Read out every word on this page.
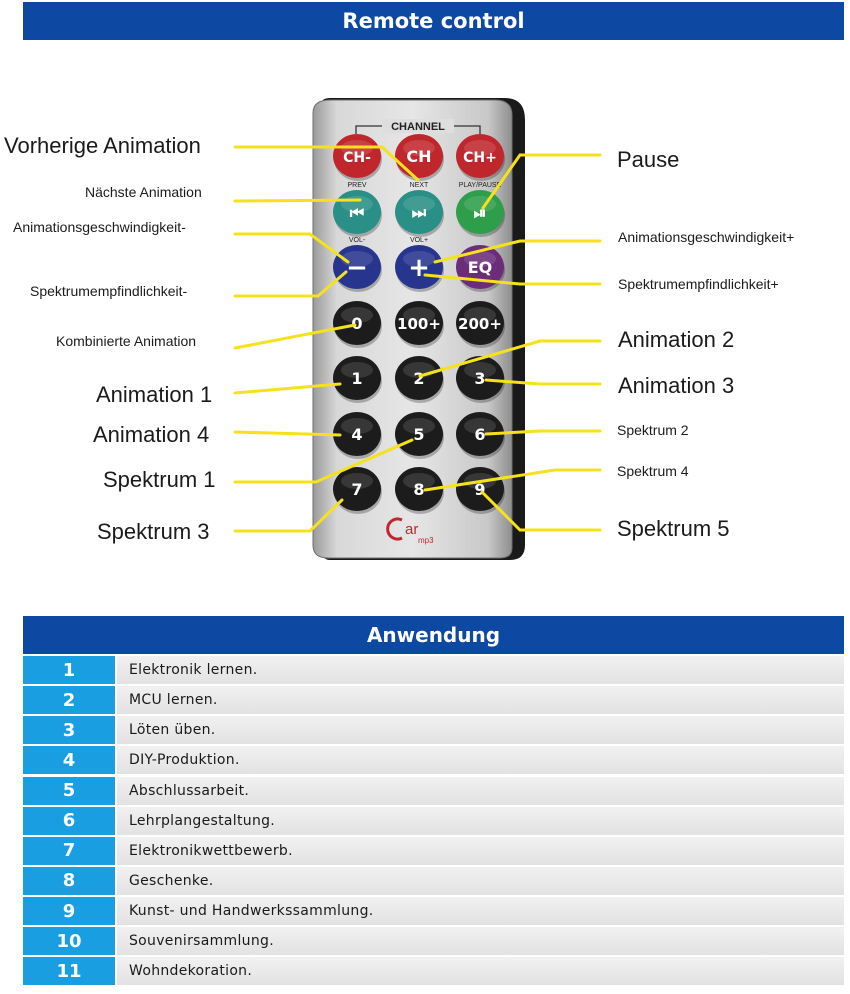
Remote control
CHANNEL
PREV	NEXT	PLAY/PAUSE
VOL-	VOL+
CH- CH CH+
⏮	⏭	⏯
− + EQ
0 100+ 200+
1	2	3
4	5	6
7	8	9
ar
mp3
Vorherige Animation
Nächste Animation
Animationsgeschwindigkeit-
Spektrumempfindlichkeit-
Kombinierte Animation
Animation 1
Animation 4
Spektrum 1
Spektrum 3
Pause
Animationsgeschwindigkeit+
Spektrumempfindlichkeit+
Animation 2
Animation 3
Spektrum 2
Spektrum 4
Spektrum 5
Anwendung
1	Elektronik lernen.
2	MCU lernen.
3	Löten üben.
4	DIY-Produktion.
5	Abschlussarbeit.
6	Lehrplangestaltung.
7	Elektronikwettbewerb.
8	Geschenke.
9	Kunst- und Handwerkssammlung.
10	Souvenirsammlung.
11	Wohndekoration.
